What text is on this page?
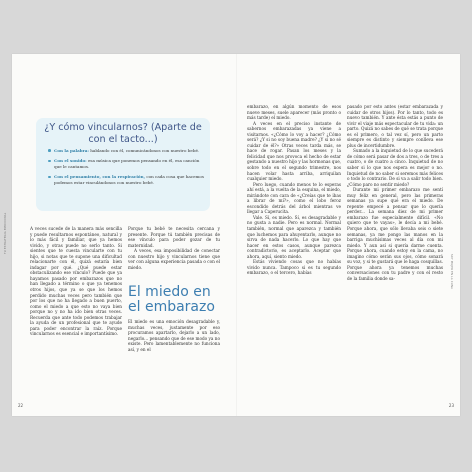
TU ESTRATEGIA EMOCIONAL
¿Y cómo vincularnos? (Aparte de con el tacto...)
Con la palabra: hablando con él, comunicándonos con nuestro bebé.
Con el sonido: esa música que ponemos pensando en él, esa canción que le cantamos.
Con el pensamiento, con la respiración, con cada cosa que hacemos podemos estar vinculándonos con nuestro bebé.

A veces sucede de la manera más sencilla y puede resultarnos espontáneo, natural y lo más fácil y familiar, que ya hemos vivido, y otras puede no serlo tanto. Si sientes que te cuesta vincularte con tu hijo, si notas que te supone una dificultad relacionarte con él, quizá estaría bien indagar por qué. ¿Qué puede estar obstaculizando ese vínculo? Puede que ya hayamos pasado por embarazos que no han llegado a término o que ya tenemos otros hijos, que ya se que los hemos perdido muchas veces pero también que por los que no ha llegado a buen puerto, como el miedo a que esto no vaya bien porque no y no ha ido bien otras veces. Recuerda que ante todo podemos trabajar la ayuda de un profesional que te ayude para poder encontrar la raíz. Porque vincularnos es esencial e importantísimo.

Porque tu bebé te necesita cercana y presente. Porque tú también precisas de ese vínculo para poder gozar de tu maternidad.

A veces, esa imposibilidad de conectar con nuestro hijo y vincularnos tiene que ver con alguna experiencia pasada o con el miedo.

El miedo en el embarazo

El miedo es una emoción desagradable y, muchas veces, justamente por eso procuramos apartarlo, dejarlo a un lado, negarlo... pensando que de ese modo ya no existe. Pero lamentablemente no funciona así, y en el

22

embarazo, en algún momento de esos nueve meses, suele aparecer (más pronto o más tarde) el miedo.

A veces en el preciso instante de sabernos embarazadas ya viene a visitarnos. «¿Cómo lo voy a hacer? ¿Cómo será? ¿Y si no soy buena madre? ¿Y si no sé cuidar de él?» Otras veces tarda más, se hace de rogar. Pasan los meses y la felicidad que nos provoca el hecho de estar gestando a nuestro hijo y las hormonas que, sobre todo en el segundo trimestre, nos hacen volar hasta arriba, arriquilan cualquier miedo.

Pero luego, cuando menos te lo esperas ahí está, a la vuelta de la esquina, el miedo, mirándote con cara de «¿Creías que te ibas a librar de mí?», como el lobo feroz escondido detrás del árbol mientras ve llegar a Caperucita.

Vale. Sí, es miedo. Sí, es desagradable y no gusta a nadie. Pero es normal. Normal también, normal que aparezca y también que luchemos para ahuyentarlo, aunque no sirva de nada hacerlo. Lo que hay que hacer en estos casos, aunque parezca contradictorio, es aceptarlo. Aceptar que ahora, aquí, siento miedo.

Estás viviendo cosas que no habías vivido nunca. Tampoco si es tu segundo embarazo, o el tercero, habías

pasado por esto antes (estar embarazada y cuidar de otros hijos). Por lo tanto, todo es nuevo también. Y ante ésta estás a punto de vivir el viaje más espectacular de tu vida: un parto. Quizá no sabes de qué se trata porque es el primero, o tal vez sí, pero un parto siempre es distinto y siempre conlleva ese plus de incertidumbre.

Sumado a la inquietud de lo que sucederá de cómo será pasar de dos a tres, o de tres a cuatro, o de cuatro a cinco. Inquietud de no saber si lo que nos espera es mejor o no. Inquietud de no saber si seremos más felices o todo lo contrario. De si va a salir todo bien. ¿Cómo paro no sentir miedo?

Durante mi primer embarazo me sentí muy feliz en general, pero las primeras semanas ya supe qué era el miedo. De repente empecé a pensar que lo quería perder... La semana diez de mi primer embarazo fue especialmente difícil. «No quiero que te vayas», le decía a mi bebé. Porque ahora, que sólo llevaba seis o siete semanas, ya me pongo las manos en la barriga muchísimas veces al día con mi miedo. Y aun así si quería darme cuenta. Porque ahora, cuando estoy en la cama, no imagino cómo serán sus ojos, cómo sonará su voz, y si te gustará que le haga cosquillas. Porque ahora ya tenemos muchas conversaciones con tu padre y con el resto de la familia donde sa-	SOY MUJER EN LA CUNA
23
